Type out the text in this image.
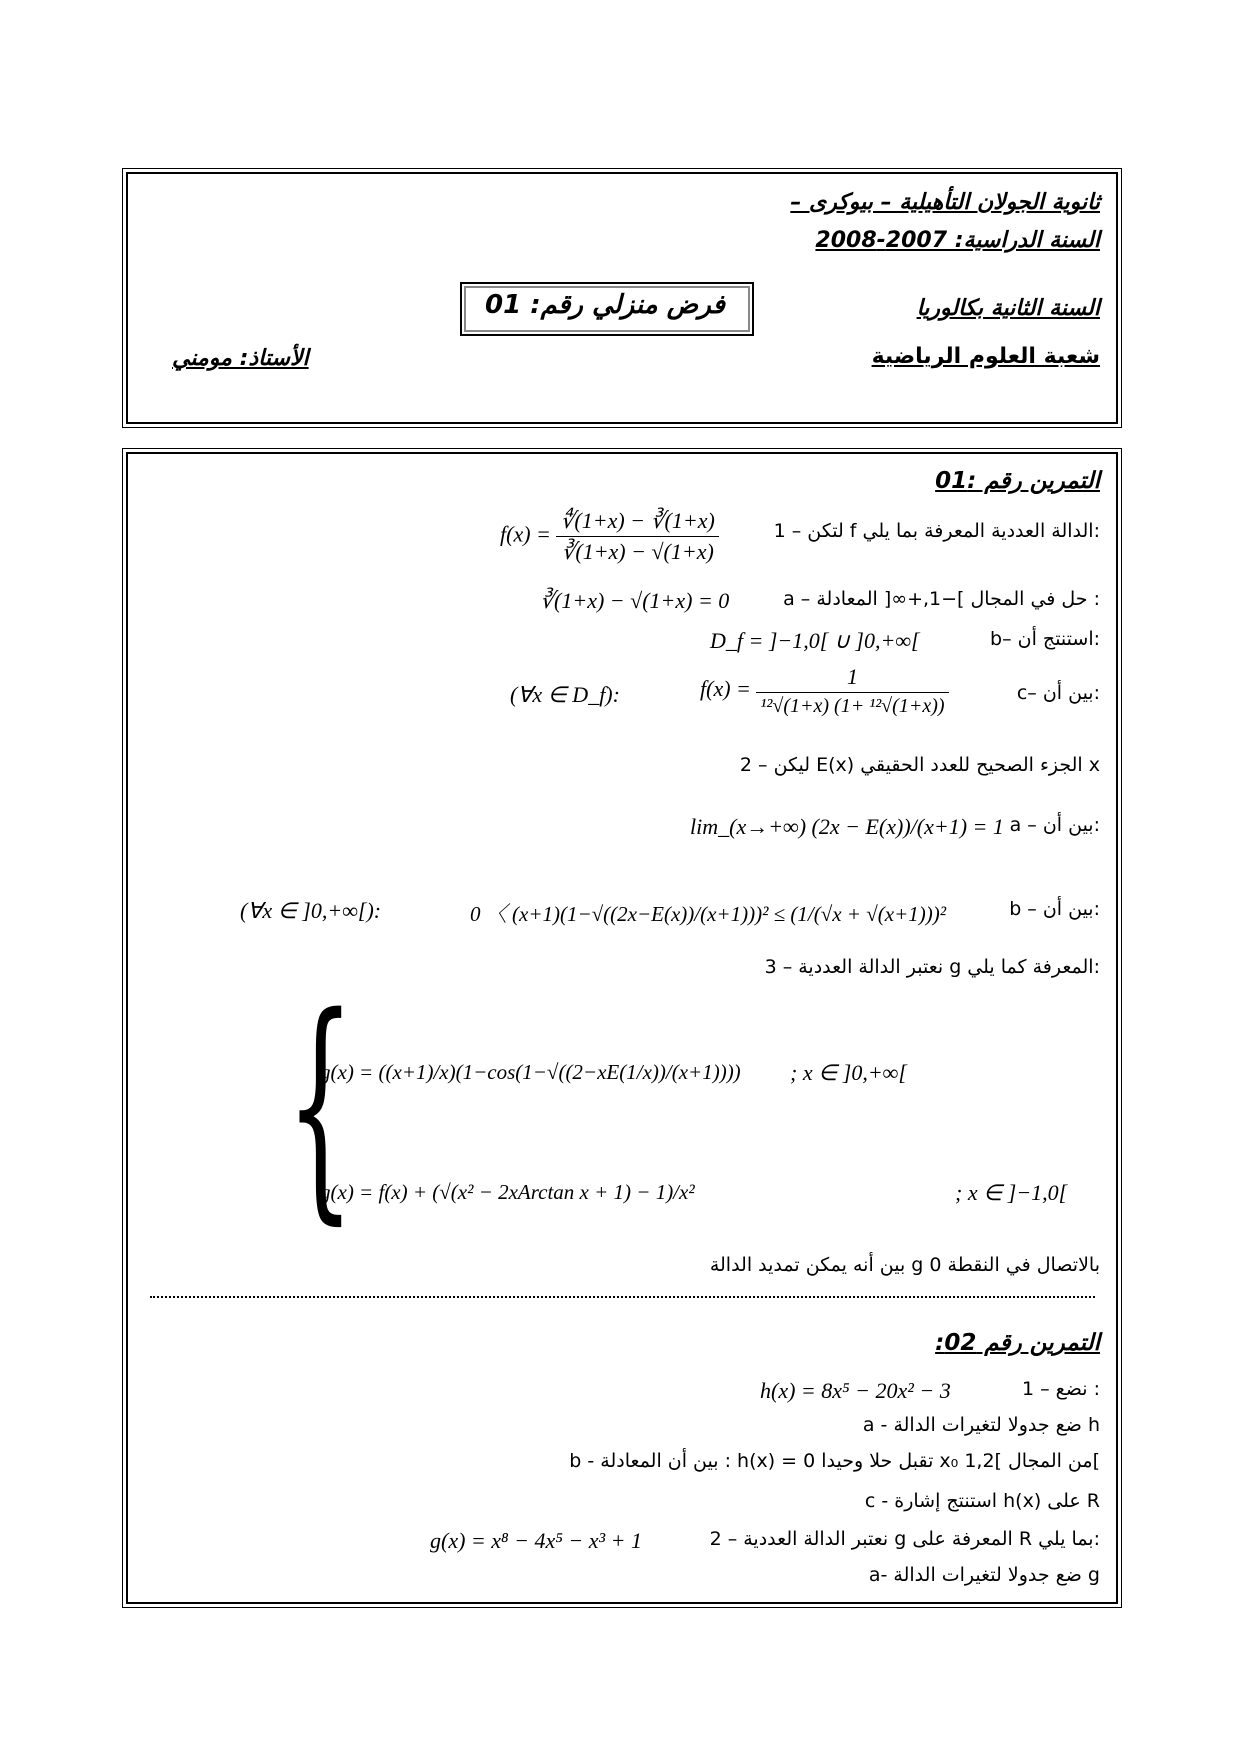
ثانوية الجولان التأهيلية – بيوكرى –
السنة الدراسية: 2007-2008
فرض منزلي رقم: 01	السنة الثانية بكالوريا
شعبة العلوم الرياضية
الأستاذ: مومني
التمرين رقم :01
1 – لتكن f الدالة العددية المعرفة بما يلي:
$f(x) = \frac{∜(1+x) - ∛(1+x)}{∛(1+x) - √(1+x)}$
a – حل في المجال ]−1,+∞[ المعادلة :
∛(1+x) − √(1+x) = 0
b– استنتج أن:
D_f = ]−1,0[ ∪ ]0,+∞[
c– بين أن:
(∀x ∈ D_f):	$f(x) = \frac{1}{\text{¹²√(1+x) (1+ ¹²√(1+x))}}$
2 – ليكن E(x) الجزء الصحيح للعدد الحقيقي x
a – بين أن:
lim_(x→+∞) (2x − E(x))/(x+1) = 1
b – بين أن:
(∀x ∈ ]0,+∞[):	0 〈 (x+1)(1−√((2x−E(x))/(x+1)))² ≤ (1/(√x + √(x+1)))²
3 – نعتبر الدالة العددية g المعرفة كما يلي:
{
g(x) = ((x+1)/x)(1−cos(1−√((2−xE(1/x))/(x+1)))) ; x ∈ ]0,+∞[
g(x) = f(x) + (√(x² − 2xArctan x + 1) − 1)/x²	; x ∈ ]−1,0[
بين أنه يمكن تمديد الدالة g بالاتصال في النقطة 0
التمرين رقم 02:
1 – نضع :
h(x) = 8x⁵ − 20x² − 3
a - ضع جدولا لتغيرات الدالة h
b - بين أن المعادلة : h(x) = 0 تقبل حلا وحيدا x₀ من المجال ]1,2[
c - استنتج إشارة h(x) على R
2 – نعتبر الدالة العددية g المعرفة على R بما يلي:
g(x) = x⁸ − 4x⁵ − x³ + 1
a- ضع جدولا لتغيرات الدالة g
